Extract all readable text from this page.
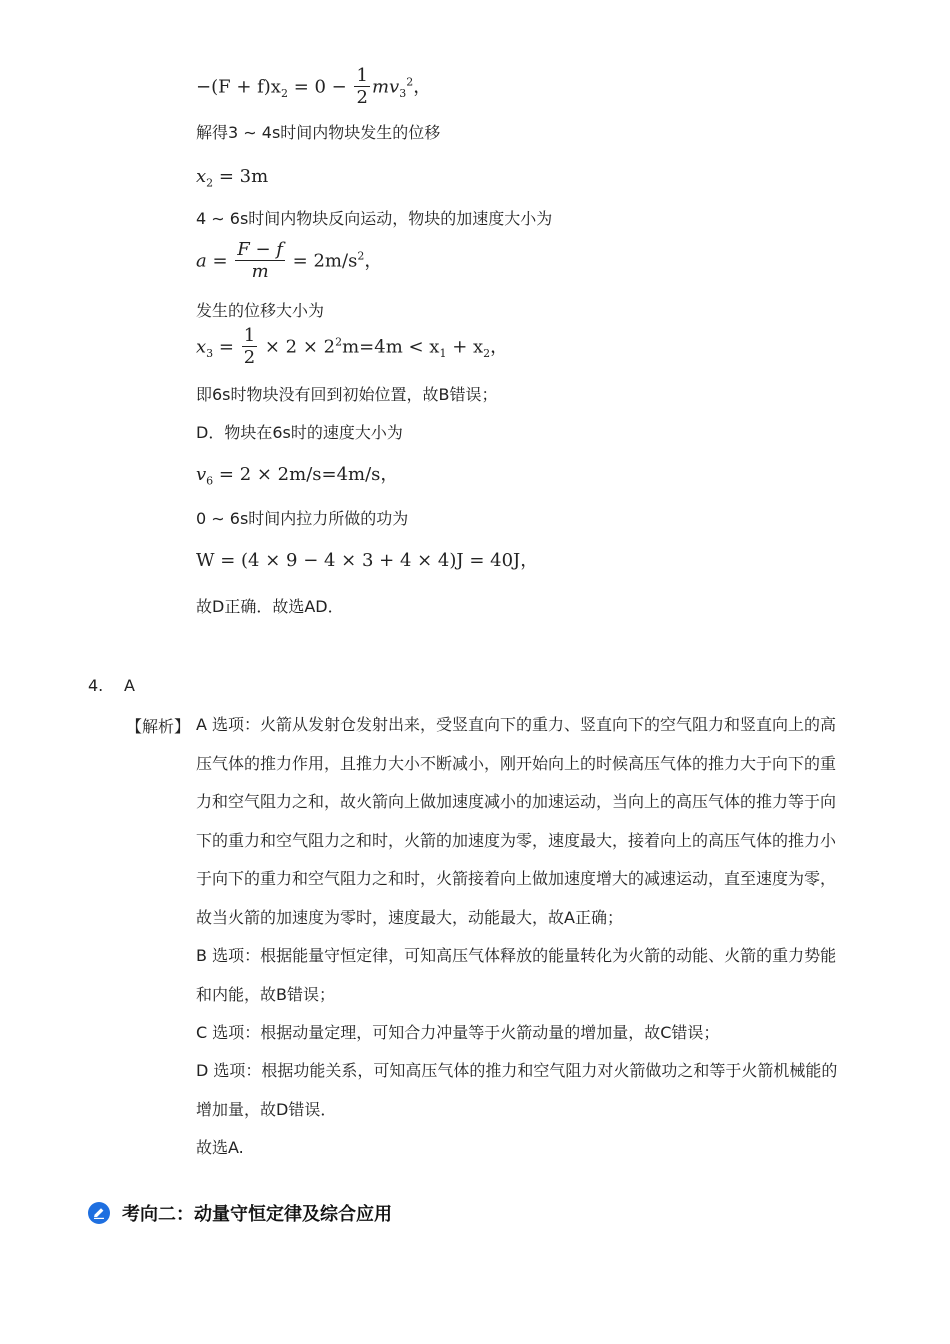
$-(F + f)x_2 = 0 - \frac{1}{2} mv_3^2$，
解得3 ∼ 4s时间内物块发生的位移
$x_2 = 3m$
4 ∼ 6s时间内物块反向运动，物块的加速度大小为
$a = \frac{F - f}{m} = 2m/s^2$，
发生的位移大小为
$x_3 = \frac{1}{2} \times 2 \times 2^2m=4m < x_1 + x_2$，
即6s时物块没有回到初始位置，故B错误；
D．物块在6s时的速度大小为
$v_6 = 2 \times 2m/s=4m/s$，
0 ∼ 6s时间内拉力所做的功为
W = (4 × 9 − 4 × 3 + 4 × 4)J = 40J，
故D正确．故选AD．
4. A
【解析】 A 选项：火箭从发射仓发射出来，受竖直向下的重力、竖直向下的空气阻力和竖直向上的高压气体的推力作用，且推力大小不断减小，刚开始向上的时候高压气体的推力大于向下的重力和空气阻力之和，故火箭向上做加速度减小的加速运动，当向上的高压气体的推力等于向下的重力和空气阻力之和时，火箭的加速度为零，速度最大，接着向上的高压气体的推力小于向下的重力和空气阻力之和时，火箭接着向上做加速度增大的减速运动，直至速度为零，故当火箭的加速度为零时，速度最大，动能最大，故A正确；
B 选项：根据能量守恒定律，可知高压气体释放的能量转化为火箭的动能、火箭的重力势能和内能，故B错误；
C 选项：根据动量定理，可知合力冲量等于火箭动量的增加量，故C错误；
D 选项：根据功能关系，可知高压气体的推力和空气阻力对火箭做功之和等于火箭机械能的增加量，故D错误．
故选A.
考向二：动量守恒定律及综合应用
